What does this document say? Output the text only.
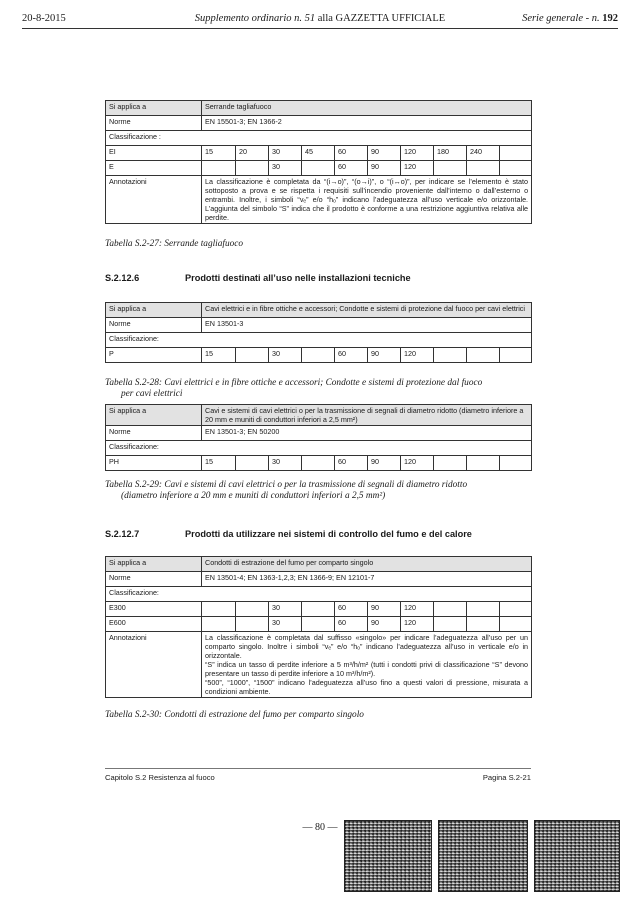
20-8-2015	Supplemento ordinario n. 51 alla GAZZETTA UFFICIALE	Serie generale - n. 192
Si applica a	Serrande tagliafuoco									
Norme	EN 15501-3; EN 1366-2									
Classificazione :										
EI	15	20	30	45	60	90	120	180	240	
E			30		60	90	120			
Annotazioni	La classificazione è completata da “(i→o)”, “(o→i)”, o “(i↔o)”, per indicare se l’elemento è stato sottoposto a prova e se rispetta i requisiti sull’incendio proveniente dall’interno o dall’esterno o entrambi. Inoltre, i simboli “vₑ” e/o “hₒ” indicano l’adeguatezza all’uso verticale e/o orizzontale. L’aggiunta del simbolo “S” indica che il prodotto è conforme a una restrizione aggiuntiva relativa alle perdite.									
Tabella S.2-27: Serrande tagliafuoco
S.2.12.6	Prodotti destinati all’uso nelle installazioni tecniche
Si applica a	Cavi elettrici e in fibre ottiche e accessori; Condotte e sistemi di protezione dal fuoco per cavi elettrici									
Norme	EN 13501-3									
Classificazione:										
P	15		30		60	90	120			
Tabella S.2-28: Cavi elettrici e in fibre ottiche e accessori; Condotte e sistemi di protezione dal fuoco
per cavi elettrici
Si applica a	Cavi e sistemi di cavi elettrici o per la trasmissione di segnali di diametro ridotto (diametro inferiore a 20 mm e muniti di conduttori inferiori a 2,5 mm²)									
Norme	EN 13501-3; EN 50200									
Classificazione:										
PH	15		30		60	90	120			
Tabella S.2-29: Cavi e sistemi di cavi elettrici o per la trasmissione di segnali di diametro ridotto
(diametro inferiore a 20 mm e muniti di conduttori inferiori a 2,5 mm²)
S.2.12.7	Prodotti da utilizzare nei sistemi di controllo del fumo e del calore
Si applica a	Condotti di estrazione del fumo per comparto singolo									
Norme	EN 13501-4; EN 1363-1,2,3; EN 1366-9; EN 12101-7									
Classificazione:										
E300			30		60	90	120			
E600			30		60	90	120			
Annotazioni	La classificazione è completata dal suffisso «singolo» per indicare l’adeguatezza all’uso per un comparto singolo. Inoltre i simboli “vₑ” e/o “hₒ” indicano l’adeguatezza all’uso in verticale e/o in orizzontale.
“S” indica un tasso di perdite inferiore a 5 m³/h/m² (tutti i condotti privi di classificazione “S” devono presentare un tasso di perdite inferiore a 10 m³/h/m²).
“500”, “1000”, “1500” indicano l’adeguatezza all’uso fino a questi valori di pressione, misurata a condizioni ambiente.									
Tabella S.2-30: Condotti di estrazione del fumo per comparto singolo
Capitolo S.2 Resistenza al fuoco	Pagina S.2-21
— 80 —
